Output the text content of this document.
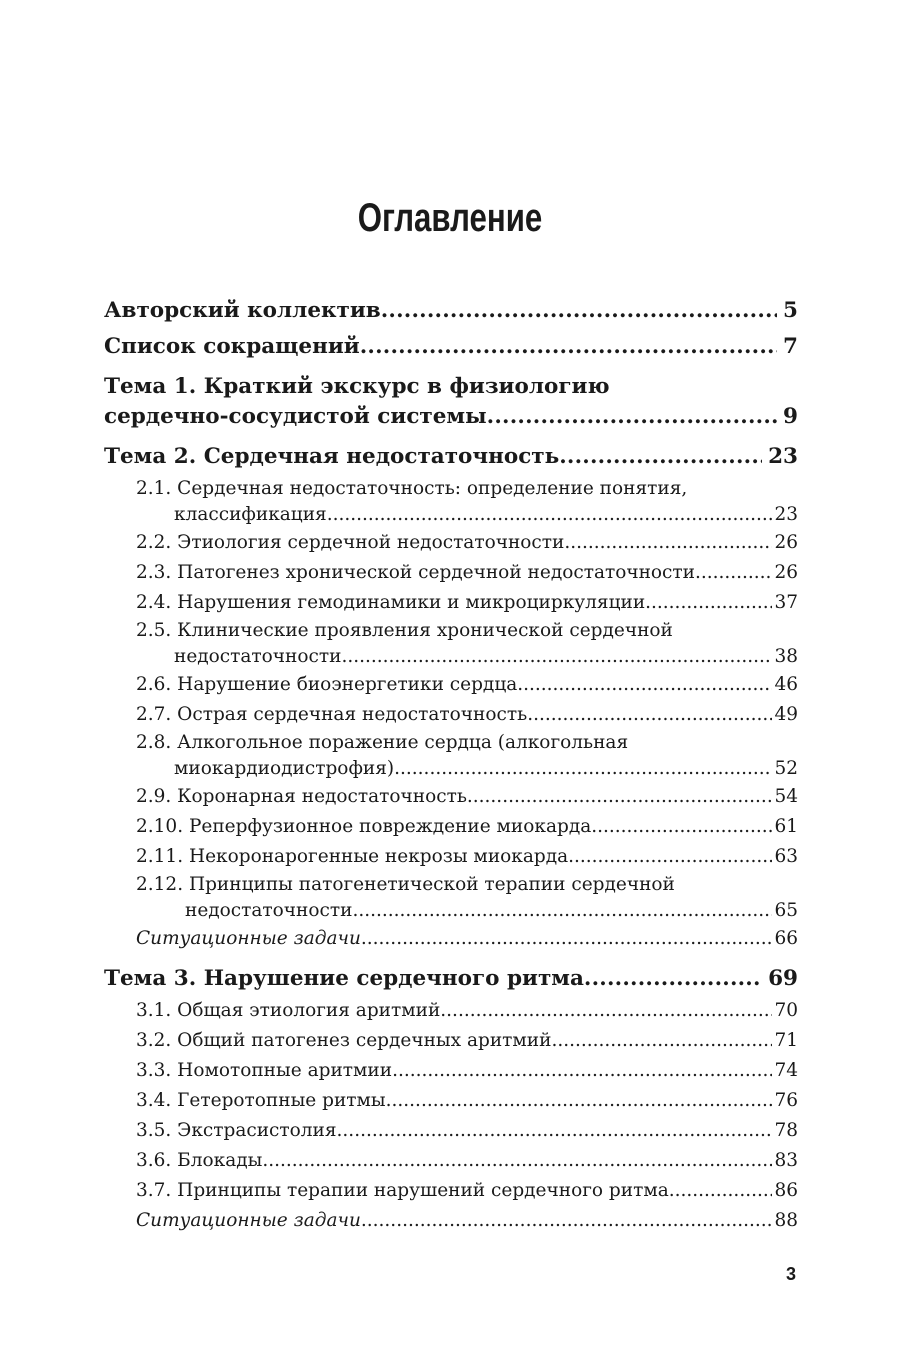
Оглавление
Авторский коллектив .....	5
Список сокращений .....	7
Тема 1. Краткий экскурс в физиологию
сердечно-сосудистой системы .....	9
Тема 2. Сердечная недостаточность .....	23
2.1. Сердечная недостаточность: определение понятия,
классификация .....	23
2.2. Этиология сердечной недостаточности .....	26
2.3. Патогенез хронической сердечной недостаточности .....	26
2.4. Нарушения гемодинамики и микроциркуляции .....	37
2.5. Клинические проявления хронической сердечной
недостаточности .....	38
2.6. Нарушение биоэнергетики сердца .....	46
2.7. Острая сердечная недостаточность .....	49
2.8. Алкогольное поражение сердца (алкогольная
миокардиодистрофия) .....	52
2.9. Коронарная недостаточность .....	54
2.10. Реперфузионное повреждение миокарда .....	61
2.11. Некоронарогенные некрозы миокарда .....	63
2.12. Принципы патогенетической терапии сердечной
недостаточности .....	65
Ситуационные задачи .....	66
Тема 3. Нарушение сердечного ритма .....	69
3.1. Общая этиология аритмий .....	70
3.2. Общий патогенез сердечных аритмий .....	71
3.3. Номотопные аритмии .....	74
3.4. Гетеротопные ритмы .....	76
3.5. Экстрасистолия .....	78
3.6. Блокады .....	83
3.7. Принципы терапии нарушений сердечного ритма .....	86
Ситуационные задачи .....	88
3
